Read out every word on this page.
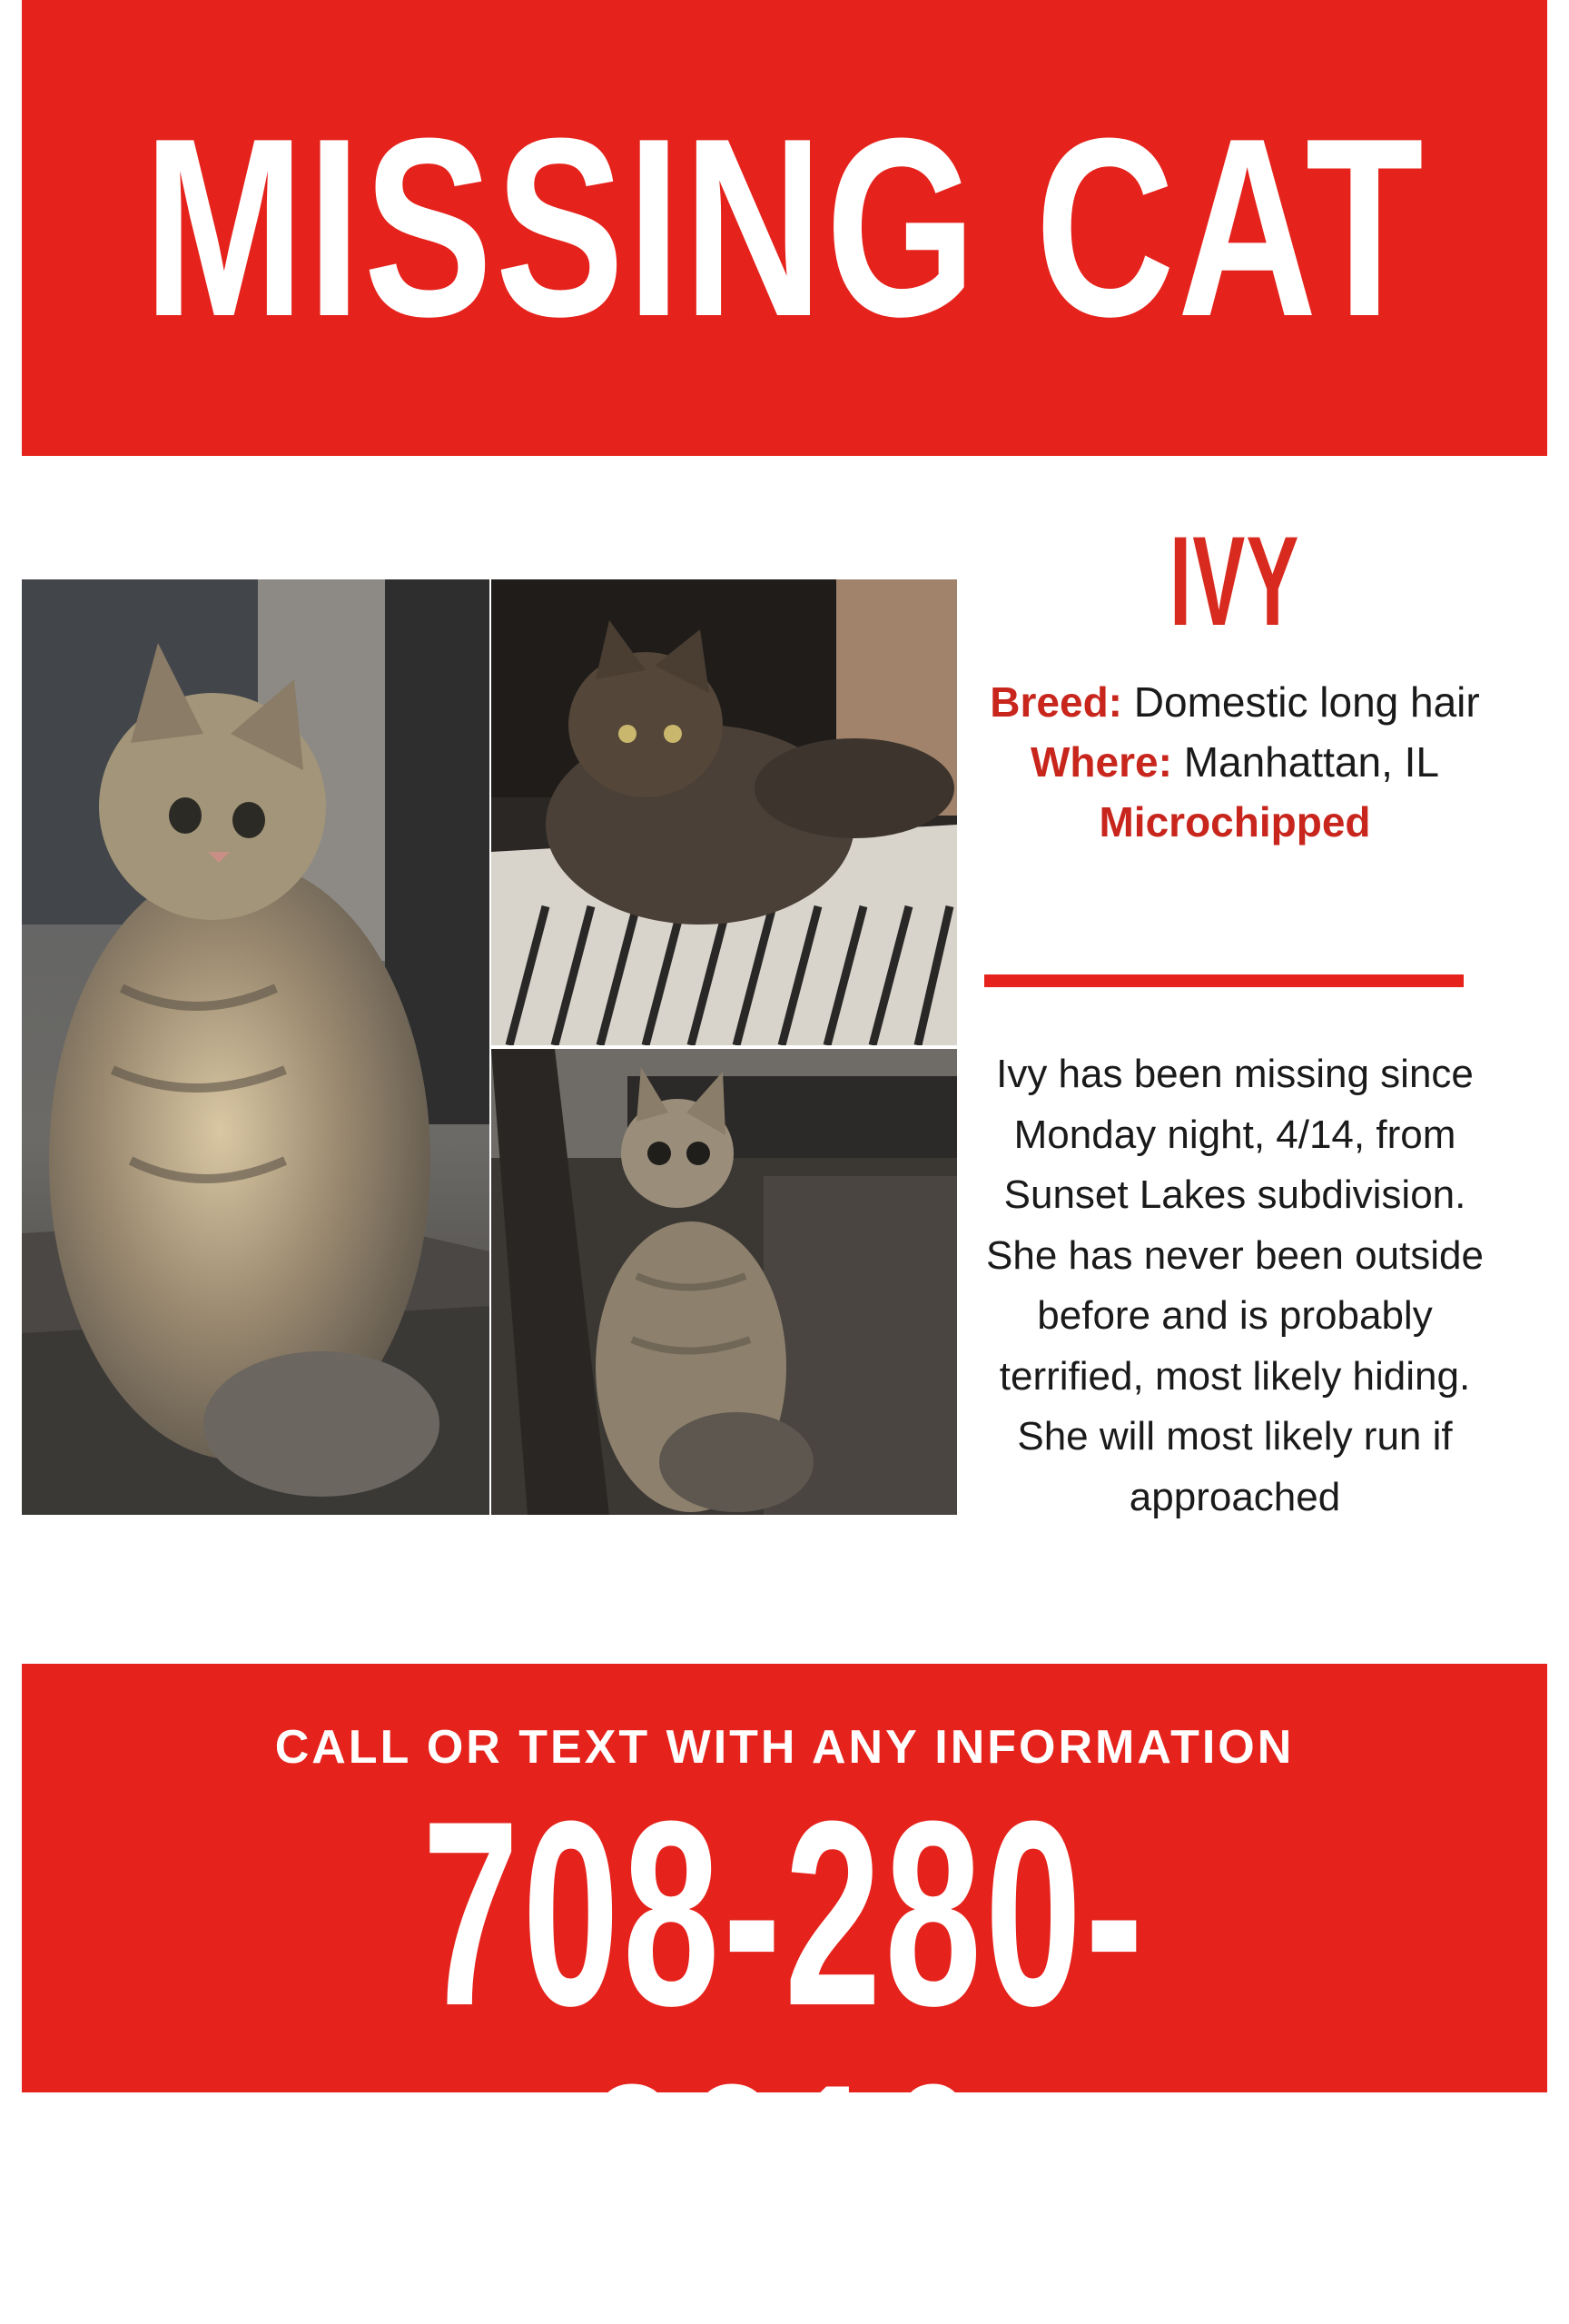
MISSING CAT
IVY
Breed: Domestic long hair
Where: Manhattan, IL
Microchipped
Ivy has been missing since Monday night, 4/14, from Sunset Lakes subdivision. She has never been outside before and is probably terrified, most likely hiding. She will most likely run if approached
CALL OR TEXT WITH ANY INFORMATION
708-280-2310
